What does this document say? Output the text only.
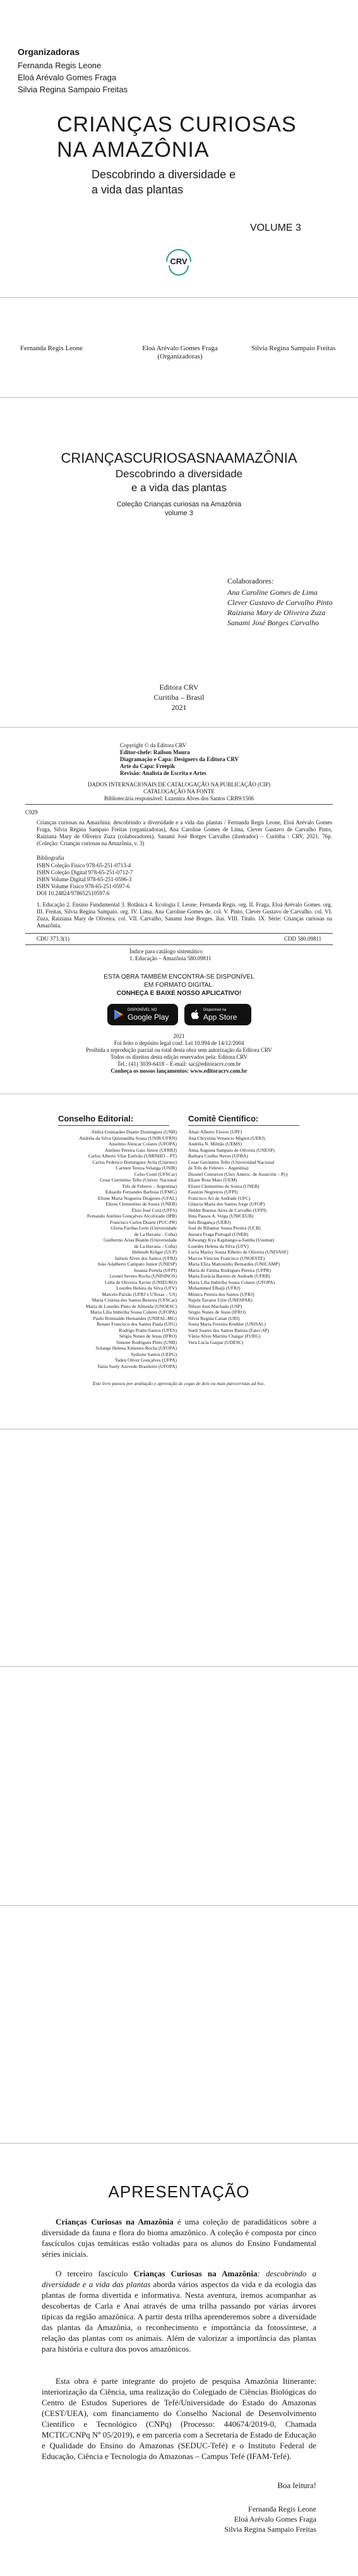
Organizadoras
Fernanda Regis Leone
Eloá Arévalo Gomes Fraga
Silvia Regina Sampaio Freitas
CRIANÇAS CURIOSAS
NA AMAZÔNIA
Descobrindo a diversidade e
a vida das plantas
VOLUME 3
CRV
Fernanda Regis Leone	Eloá Arévalo Gomes Fraga
(Organizadoras)
Silvia Regina Sampaio Freitas
CRIANÇASCURIOSASNAAMAZÔNIA
Descobrindo a diversidade
e a vida das plantas
Coleção Crianças curiosas na Amazônia
volume 3
Colaboradores:
Ana Caroline Gomes de Lima
Clever Gustavo de Carvalho Pinto
Raiziana Mary de Oliveira Zuza
Sanami José Borges Carvalho
Editora CRV
Curitiba – Brasil
2021
Copyright © da Editora CRV
Editor-chefe: Railson Moura
Diagramação e Capa: Designers da Editora CRV
Arte da Capa: Freepik
Revisão: Analista de Escrita e Artes
DADOS INTERNACIONAIS DE CATALOGAÇÃO NA PUBLICAÇÃO (CIP)
CATALOGAÇÃO NA FONTE
Bibliotecária responsável: Luzenira Alves dos Santos CRB9/1506
C929
Crianças curiosas na Amazônia: descobrindo a diversidade e a vida das plantas / Fernanda Regis Leone, Eloá Arévalo Gomes Fraga, Silvia Regina Sampaio Freitas (organizadoras), Ana Caroline Gomes de Lima, Clever Gustavo de Carvalho Pinto, Raiziana Mary de Oliveira Zuza (colaboradores), Sanami José Borges Carvalho (ilustrador) – Curitiba : CRV, 2021. 76p. (Coleção: Crianças curiosas na Amazônia, v. 3)
Bibliografia
ISBN Coleção Físico 978-65-251-0713-4
ISBN Coleção Digital 978-65-251-0712-7
ISBN Volume Digital 978-65-251-0596-3
ISBN Volume Físico 978-65-251-0597-6
DOI 10.24824/978652510597.6
1. Educação 2. Ensino Fundamental 3. Botânica 4. Ecologia I. Leone, Fernanda Regis. org. II. Fraga, Eloá Arévalo Gomes. org. III. Freitas, Silvia Regina Sampaio. org. IV. Lima, Ana Caroline Gomes de. col. V. Pinto, Clever Gustavo de Carvalho. col. VI. Zuza, Raiziana Mary de Oliveira. col. VII. Carvalho, Sanami José Borges. ilus. VIII. Título. IX. Série: Crianças curiosas na Amazônia.
CDU 373.3(1)	CDD 580.09811
Índice para catálogo sistemático
1. Educação – Amazônia 580.09811
ESTA OBRA TAMBÉM ENCONTRA-SE DISPONÍVEL
EM FORMATO DIGITAL.
CONHEÇA E BAIXE NOSSO APLICATIVO!
DISPONÍVEL NO
Google Play
Disponível na
App Store
2021
Foi feito o depósito legal conf. Lei 10.994 de 14/12/2004
Proibida a reprodução parcial ou total desta obra sem autorização da Editora CRV
Todos os direitos desta edição reservados pela: Editora CRV
Tel.: (41) 3039-6418 – E-mail: sac@editoracrv.com.br
Conheça os nossos lançamentos: www.editoracrv.com.br
Conselho Editorial:
Aldira Guimarães Duarte Domínguez (UNB)
Andréia da Silva Quintanilha Sousa (UNIR/UFRN)
Anselmo Alencar Colares (UFOPA)
Antônio Pereira Gaio Júnior (UFRRJ)
Carlos Alberto Vilar Estêvão (UMINHO – PT)
Carlos Federico Dominguez Avila (Unieuro)
Carmen Tereza Velanga (UNIR)
Celso Conti (UFSCar)
Cesar Gerónimo Tello (Univer. Nacional
Três de Febrero – Argentina)
Eduardo Fernandes Barbosa (UFMG)
Elione Maria Nogueira Diogenes (UFAL)
Elizeu Clementino de Souza (UNEB)
Élsio José Corá (UFFS)
Fernando Antônio Gonçalves Alcoforado (IPB)
Francisco Carlos Duarte (PUC-PR)
Gloria Fariñas León (Universidade
de La Havana – Cuba)
Guillermo Arias Beatón (Universidade
de La Havana – Cuba)
Helmuth Krüger (UCP)
Jailson Alves dos Santos (UFRJ)
João Adalberto Campato Junior (UNESP)
Josania Portela (UFPI)
Leonel Severo Rocha (UNISINOS)
Lídia de Oliveira Xavier (UNIEURO)
Lourdes Helena da Silva (UFV)
Marcelo Paixão (UFRJ e UTexas – US)
Maria Cristina dos Santos Bezerra (UFSCar)
Maria de Lourdes Pinto de Almeida (UNOESC)
Maria Lília Imbiriba Sousa Colares (UFOPA)
Paulo Romualdo Hernandes (UNIFAL-MG)
Renato Francisco dos Santos Paula (UFG)
Rodrigo Pratte-Santos (UFES)
Sérgio Nunes de Jesus (IFRO)
Simone Rodrigues Pinto (UNB)
Solange Helena Ximenes-Rocha (UFOPA)
Sydione Santos (UEPG)
Tadeu Oliver Gonçalves (UFPA)
Tania Suely Azevedo Brasileiro (UFOPA)
Comitê Científico:
Altair Alberto Fávero (UPF)
Ana Chrystina Venancio Mignot (UERJ)
Andréia N. Militão (UEMS)
Anna Augusta Sampaio de Oliveira (UNESP)
Barbara Coelho Neves (UFBA)
Cesar Gerónimo Tello (Universidad Nacional
de Três de Febrero – Argentina)
Diosnel Centurion (Univ Americ. de Asunción – Py)
Eliane Rose Maio (UEM)
Elizeu Clementino de Souza (UNEB)
Fauston Negreiros (UFPI)
Francisco Ari de Andrade (UFC)
Gláucia Maria dos Santos Jorge (UFOP)
Helder Buenos Aires de Carvalho (UFPI)
Ilma Passos A. Veiga (UNICEUB)
Inês Bragança (UERJ)
José de Ribamar Sousa Pereira (UCB)
Jussara Fraga Portugal (UNEB)
Kilwangy Kya Kapitango-a-Samba (Unemat)
Lourdes Helena da Silva (UFV)
Lucia Marisy Souza Ribeiro de Oliveira (UNIVASF)
Marcos Vinicius Francisco (UNOESTE)
Maria Eliza Mattosinho Bernardes (UNICAMP)
Maria de Fátima Rodrigues Pereira (UFPR)
Maria Eurácia Barreto de Andrade (UFRB)
Maria Lília Imbiriba Sousa Colares (UFOPA)
Mohammed Elhajji (UFRJ)
Mônica Pereira dos Santos (UFRJ)
Najela Tavares Ujiie (UNESPAR)
Nilson José Machado (USP)
Sérgio Nunes de Jesus (IFRO)
Silvia Regina Canan (URI)
Sonia Maria Ferreira Koehler (UNISAL)
Sueli Soares dos Santos Batista (Fatec-SP)
Vânia Alves Martins Chaigar (FURG)
Vera Lucia Gaspar (UDESC)
Este livro passou por avaliação e aprovação às cegas de dois ou mais pareceristas ad hoc.
APRESENTAÇÃO
Crianças Curiosas na Amazônia é uma coleção de paradidáticos sobre a diversidade da fauna e flora do bioma amazônico. A coleção é composta por cinco fascículos cujas temáticas estão voltadas para os alunos do Ensino Fundamental séries iniciais.
O terceiro fascículo Crianças Curiosas na Amazônia: descobrindo a diversidade e a vida das plantas aborda vários aspectos da vida e da ecologia das plantas de forma divertida e informativa. Nesta aventura, iremos acompanhar as descobertas de Carla e Anaí através de uma trilha passando por várias árvores típicas da região amazônica. A partir desta trilha aprenderemos sobre a diversidade das plantas da Amazônia, o reconhecimento e importância da fotossíntese, a relação das plantas com os animais. Além de valorizar a importância das plantas para história e cultura dos povos amazônicos.
Esta obra é parte integrante do projeto de pesquisa Amazônia Itinerante: interiorização da Ciência, uma realização do Colegiado de Ciências Biológicas do Centro de Estudos Superiores de Tefé/Universidade do Estado do Amazonas (CEST/UEA), com financiamento do Conselho Nacional de Desenvolvimento Científico e Tecnológico (CNPq) (Processo: 440674/2019-0, Chamada MCTIC/CNPq Nº 05/2019), e em parceria com a Secretaria de Estado de Educação e Qualidade do Ensino do Amazonas (SEDUC-Tefé) e o Instituto Federal de Educação, Ciência e Tecnologia do Amazonas – Campus Tefé (IFAM-Tefé).
Boa leitura!
Fernanda Regis Leone
Eloá Arévalo Gomes Fraga
Silvia Regina Sampaio Freitas
